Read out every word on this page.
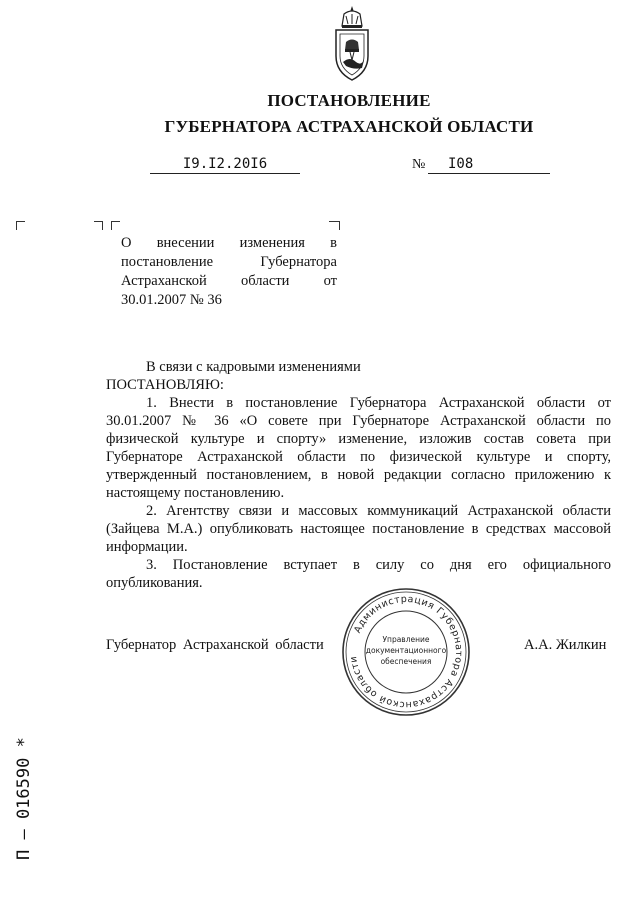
ПОСТАНОВЛЕНИЕ
ГУБЕРНАТОРА АСТРАХАНСКОЙ ОБЛАСТИ
I9.I2.20I6	№	I08
О внесении изменения в постановление Губернатора Астраханской области от 30.01.2007 № 36

В связи с кадровыми изменениями

ПОСТАНОВЛЯЮ:

1. Внести в постановление Губернатора Астраханской области от 30.01.2007 № 36 «О совете при Губернаторе Астраханской области по физической культуре и спорту» изменение, изложив состав совета при Губернаторе Астраханской области по физической культуре и спорту, утвержденный постановлением, в новой редакции согласно приложению к настоящему постановлению.

2. Агентству связи и массовых коммуникаций Астраханской области (Зайцева М.А.) опубликовать настоящее постановление в средствах массовой информации.

3. Постановление вступает в силу со дня его официального опубликования.

Губернатор Астраханской области	А.А. Жилкин
Администрация Губернатора Астраханской области
Управление
документационного
обеспечения
П – 016590 *
